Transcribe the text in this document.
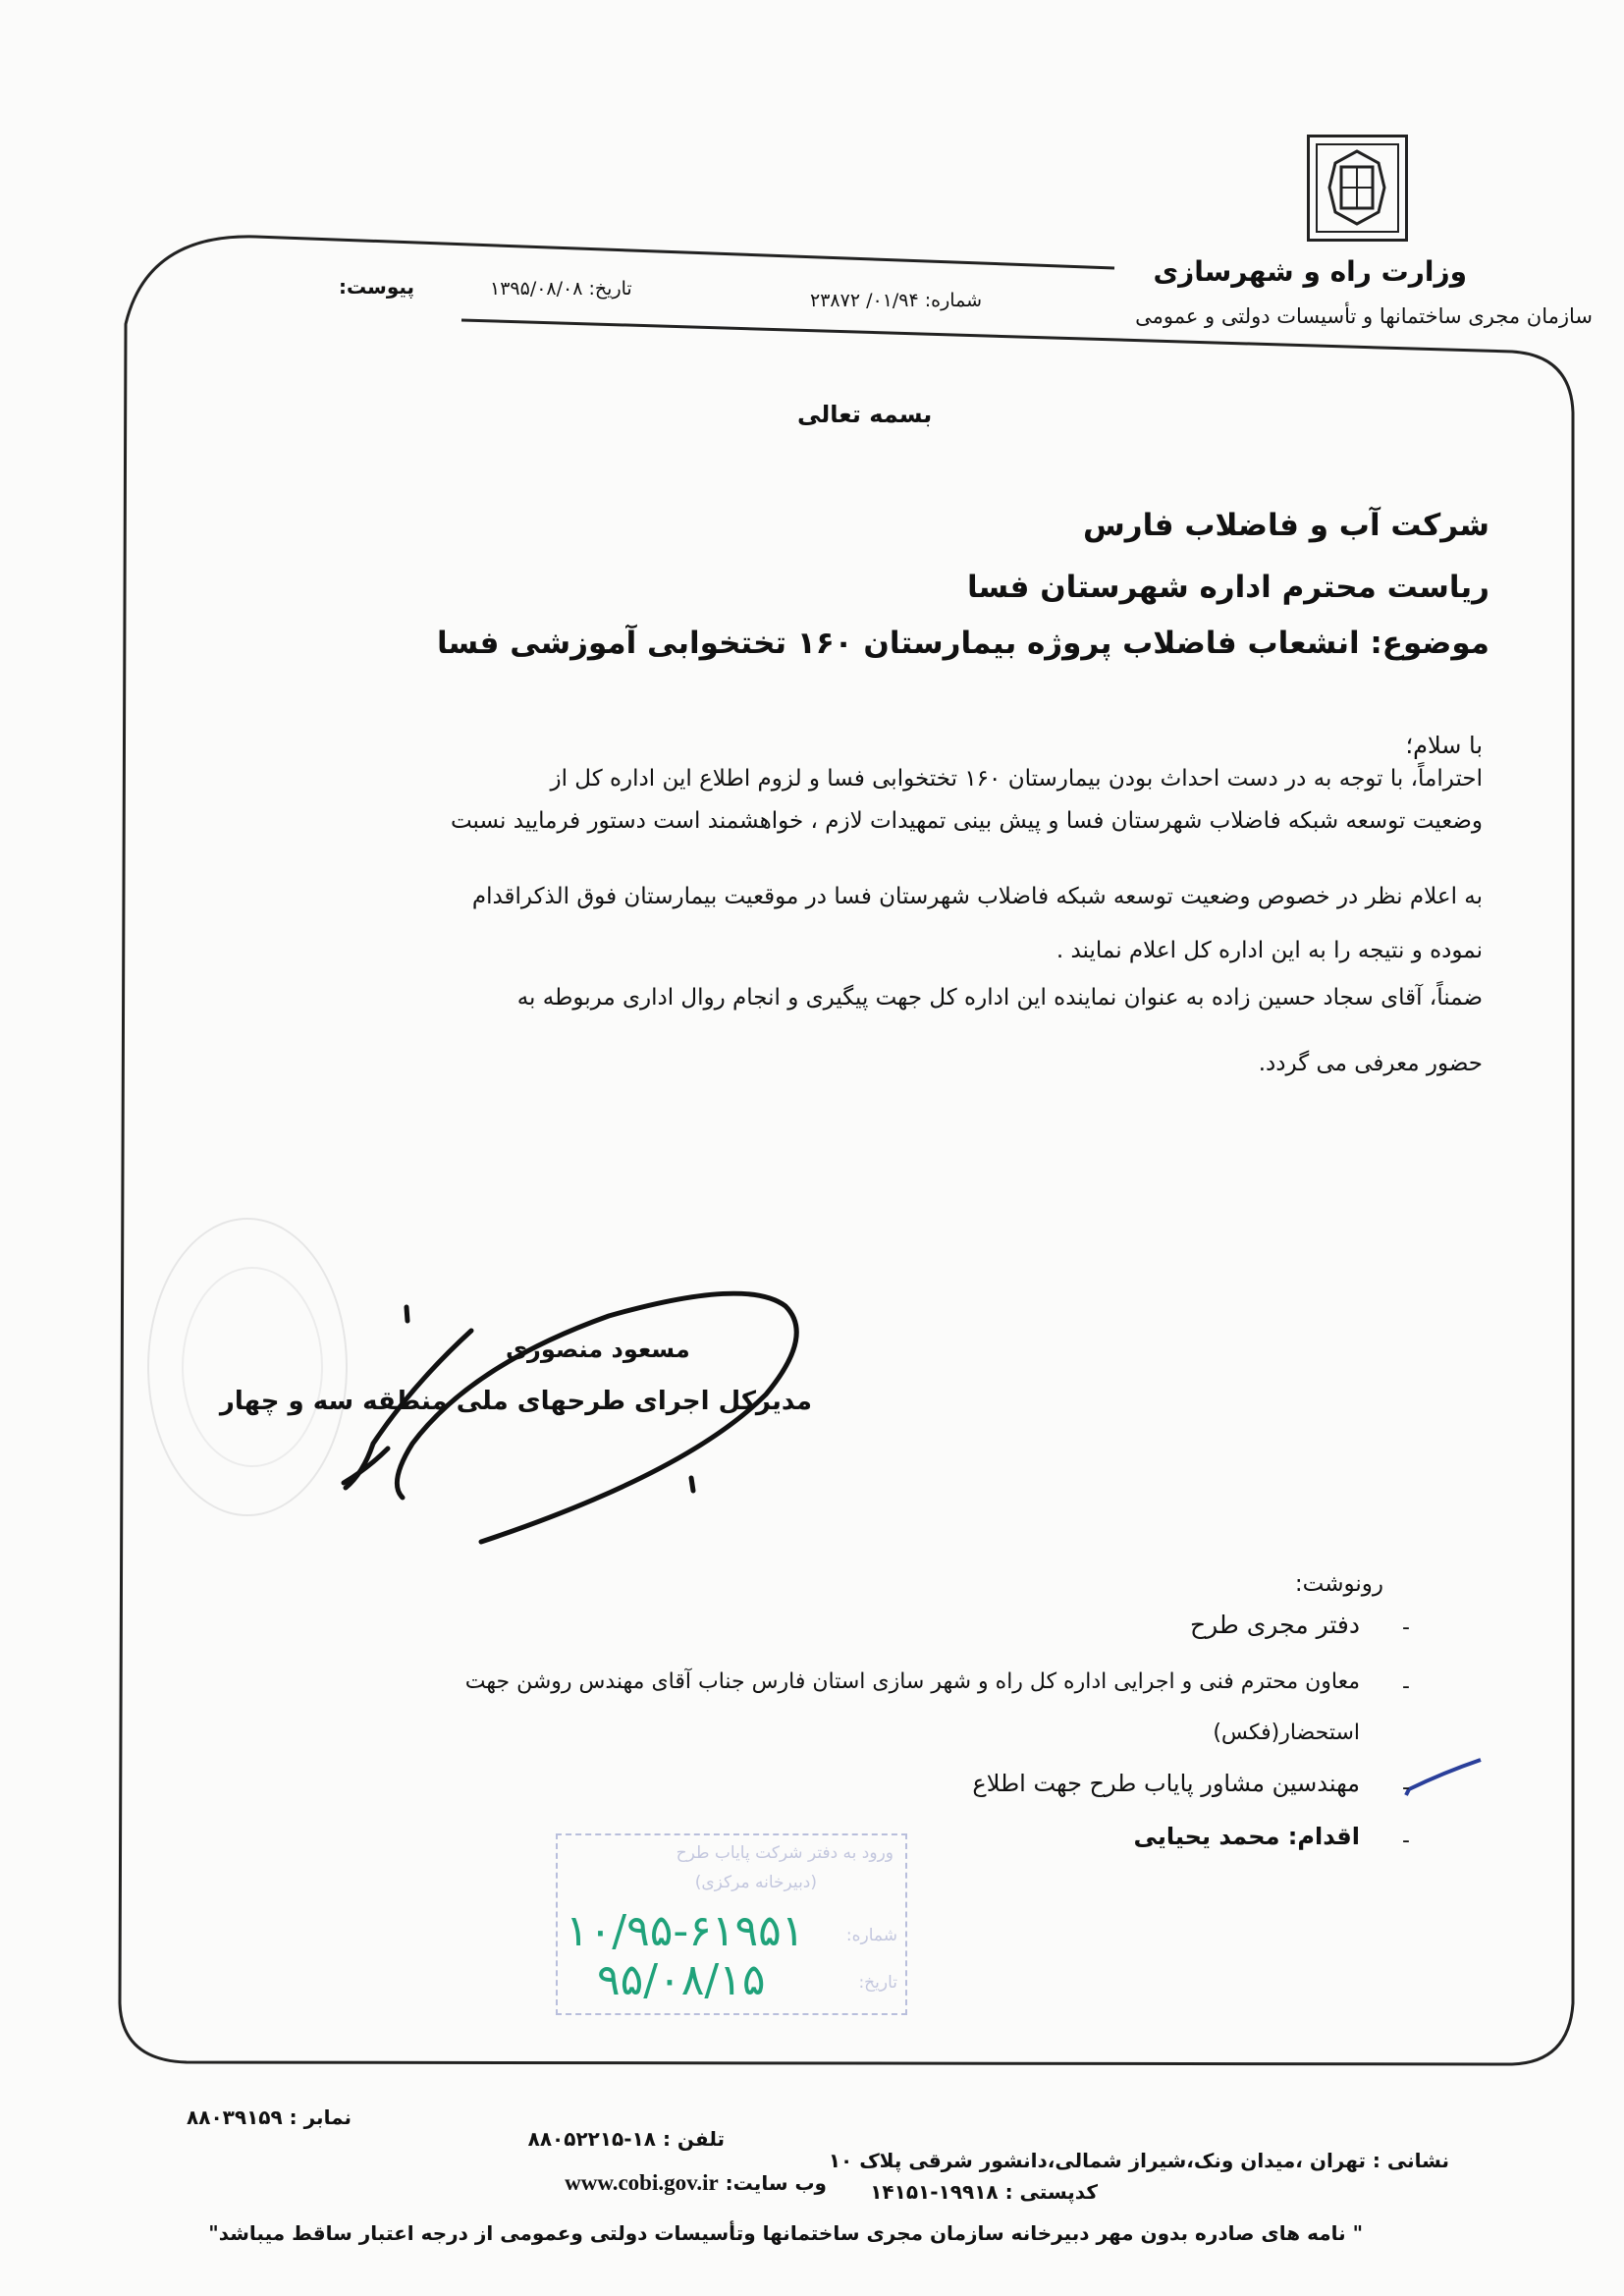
وزارت راه و شهرسازی
سازمان مجری ساختمانها و تأسیسات دولتی و عمومی
شماره: ۰۱/۹۴/ ۲۳۸۷۲
تاریخ: ۱۳۹۵/۰۸/۰۸
پیوست:
بسمه تعالی
شرکت آب و فاضلاب فارس
ریاست محترم اداره شهرستان فسا
موضوع: انشعاب فاضلاب پروژه بیمارستان ۱۶۰ تختخوابی آموزشی فسا
با سلام؛
احتراماً، با توجه به در دست احداث بودن بیمارستان ۱۶۰ تختخوابی فسا و لزوم اطلاع این اداره کل از
وضعیت توسعه شبکه فاضلاب شهرستان فسا و پیش بینی تمهیدات لازم ، خواهشمند است دستور فرمایید نسبت
به اعلام نظر در خصوص وضعیت توسعه شبکه فاضلاب شهرستان فسا در موقعیت بیمارستان فوق الذکراقدام
نموده و نتیجه را به این اداره کل اعلام نمایند .
ضمناً، آقای سجاد حسین زاده به عنوان نماینده این اداره کل جهت پیگیری و انجام روال اداری مربوطه به
حضور معرفی می گردد.
مسعود منصوری
مدیرکل اجرای طرحهای ملی منطقه سه و چهار
رونوشت:
-
دفتر مجری طرح
-
معاون محترم فنی و اجرایی اداره کل راه و شهر سازی استان فارس جناب آقای مهندس روشن جهت
استحضار(فکس)
-
مهندسین مشاور پایاب طرح جهت اطلاع
-
اقدام: محمد یحیایی
ورود به دفتر شرکت پایاب طرح
(دبیرخانه مرکزی)
شماره:
تاریخ:
۱۰/۹۵-۶۱۹۵۱
۹۵/۰۸/۱۵
نمابر : ۸۸۰۳۹۱۵۹
تلفن : ۱۸-۸۸۰۵۲۲۱۵
نشانی : تهران ،میدان ونک،شیراز شمالی،دانشور شرقی پلاک ۱۰
وب سایت: www.cobi.gov.ir	کدپستی : ۱۹۹۱۸-۱۴۱۵۱
" نامه های صادره بدون مهر دبیرخانه سازمان مجری ساختمانها وتأسیسات دولتی وعمومی از درجه اعتبار ساقط میباشد"
